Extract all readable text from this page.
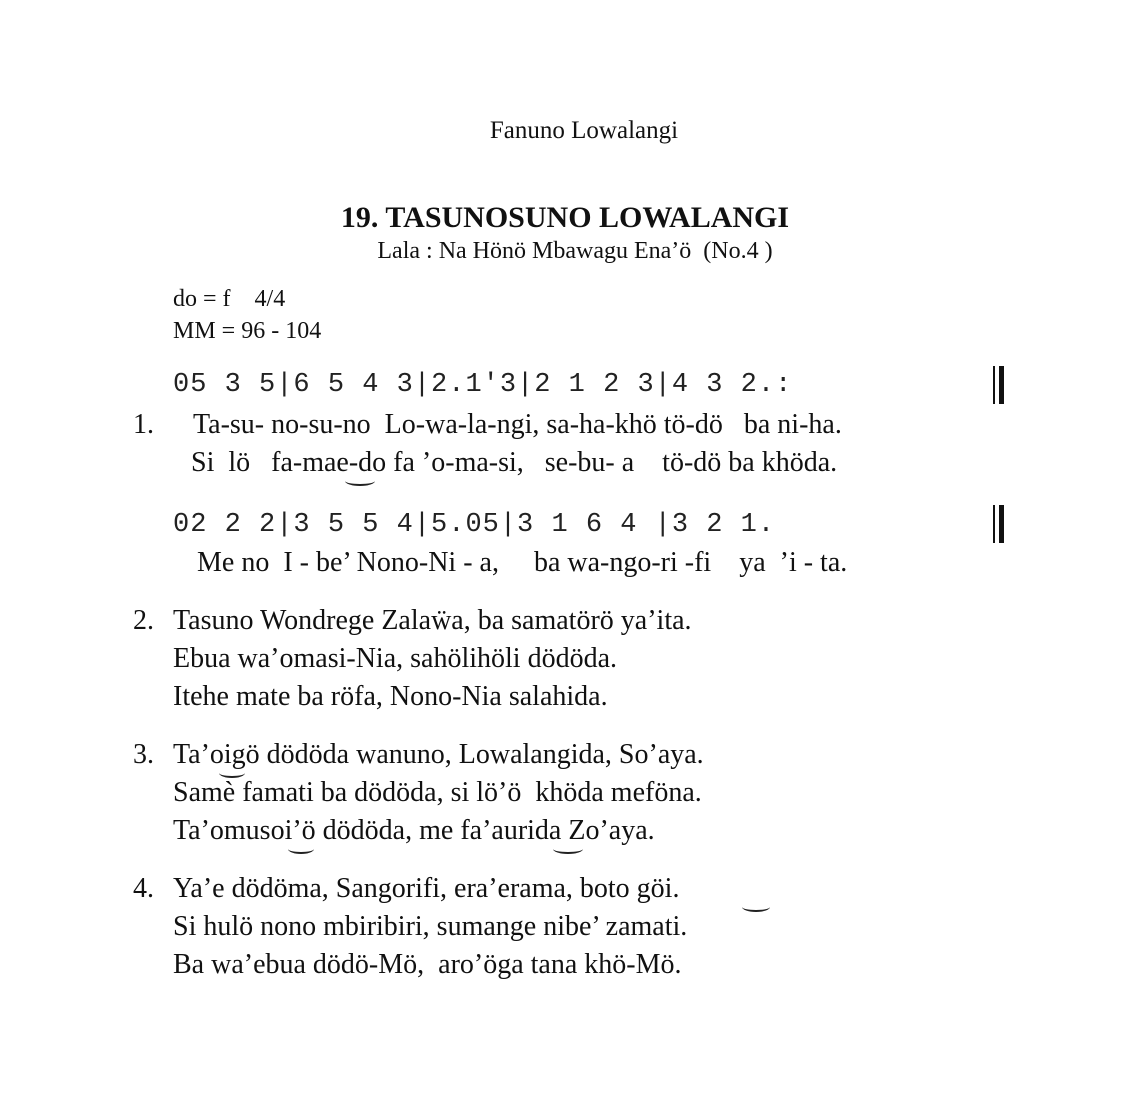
Fanuno Lowalangi
19. TASUNOSUNO LOWALANGI
Lala : Na Hönö Mbawagu Ena’ö  (No.4 )
do = f    4/4
MM = 96 - 104
05 3 5|6 5 4 3|2.1'3|2 1 2 3|4 3 2.:
1. Ta-su- no-su-no  Lo-wa-la-ngi, sa-ha-khö tö-dö   ba ni-ha.
Si  lö   fa-mae-do fa ’o-ma-si,   se-bu- a    tö-dö ba khöda.
02 2 2|3 5 5 4|5.05|3 1 6 4 |3 2 1.
Me no  I - be’ Nono-Ni - a,     ba wa-ngo-ri -fi    ya  ’i - ta.
2. Tasuno Wondrege Zalaẅa, ba samatörö ya’ita.
Ebua wa’omasi-Nia, sahölihöli dödöda.
Itehe mate ba röfa, Nono-Nia salahida.
3. Ta’oigö dödöda wanuno, Lowalangida, So’aya.
Samè famati ba dödöda, si lö’ö  khöda meföna.
Ta’omusoi’ö dödöda, me fa’aurida Zo’aya.
4. Ya’e dödöma, Sangorifi, era’erama, boto göi.
Si hulö nono mbiribiri, sumange nibe’ zamati.
Ba wa’ebua dödö-Mö,  aro’öga tana khö-Mö.
